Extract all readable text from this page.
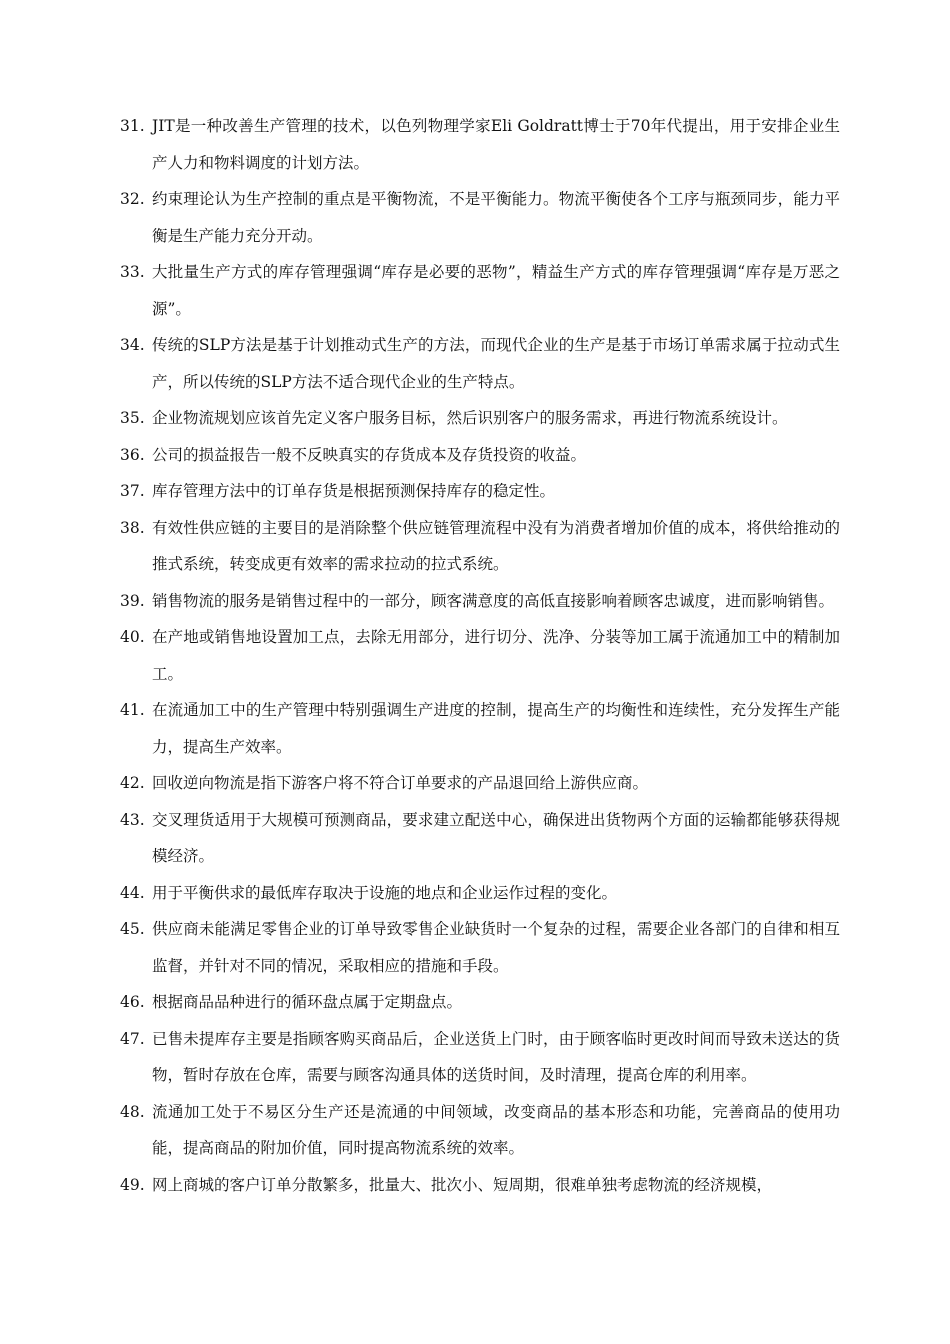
31. JIT是一种改善生产管理的技术，以色列物理学家Eli Goldratt博士于70年代提出，用于安排企业生产人力和物料调度的计划方法。
32. 约束理论认为生产控制的重点是平衡物流，不是平衡能力。物流平衡使各个工序与瓶颈同步，能力平衡是生产能力充分开动。
33. 大批量生产方式的库存管理强调“库存是必要的恶物”，精益生产方式的库存管理强调“库存是万恶之源”。
34. 传统的SLP方法是基于计划推动式生产的方法，而现代企业的生产是基于市场订单需求属于拉动式生产，所以传统的SLP方法不适合现代企业的生产特点。
35. 企业物流规划应该首先定义客户服务目标，然后识别客户的服务需求，再进行物流系统设计。
36. 公司的损益报告一般不反映真实的存货成本及存货投资的收益。
37. 库存管理方法中的订单存货是根据预测保持库存的稳定性。
38. 有效性供应链的主要目的是消除整个供应链管理流程中没有为消费者增加价值的成本，将供给推动的推式系统，转变成更有效率的需求拉动的拉式系统。
39. 销售物流的服务是销售过程中的一部分，顾客满意度的高低直接影响着顾客忠诚度，进而影响销售。
40. 在产地或销售地设置加工点，去除无用部分，进行切分、洗净、分装等加工属于流通加工中的精制加工。
41. 在流通加工中的生产管理中特别强调生产进度的控制，提高生产的均衡性和连续性，充分发挥生产能力，提高生产效率。
42. 回收逆向物流是指下游客户将不符合订单要求的产品退回给上游供应商。
43. 交叉理货适用于大规模可预测商品，要求建立配送中心，确保进出货物两个方面的运输都能够获得规模经济。
44. 用于平衡供求的最低库存取决于设施的地点和企业运作过程的变化。
45. 供应商未能满足零售企业的订单导致零售企业缺货时一个复杂的过程，需要企业各部门的自律和相互监督，并针对不同的情况，采取相应的措施和手段。
46. 根据商品品种进行的循环盘点属于定期盘点。
47. 已售未提库存主要是指顾客购买商品后，企业送货上门时，由于顾客临时更改时间而导致未送达的货物，暂时存放在仓库，需要与顾客沟通具体的送货时间，及时清理，提高仓库的利用率。
48. 流通加工处于不易区分生产还是流通的中间领域，改变商品的基本形态和功能，完善商品的使用功能，提高商品的附加价值，同时提高物流系统的效率。
49. 网上商城的客户订单分散繁多，批量大、批次小、短周期，很难单独考虑物流的经济规模，
